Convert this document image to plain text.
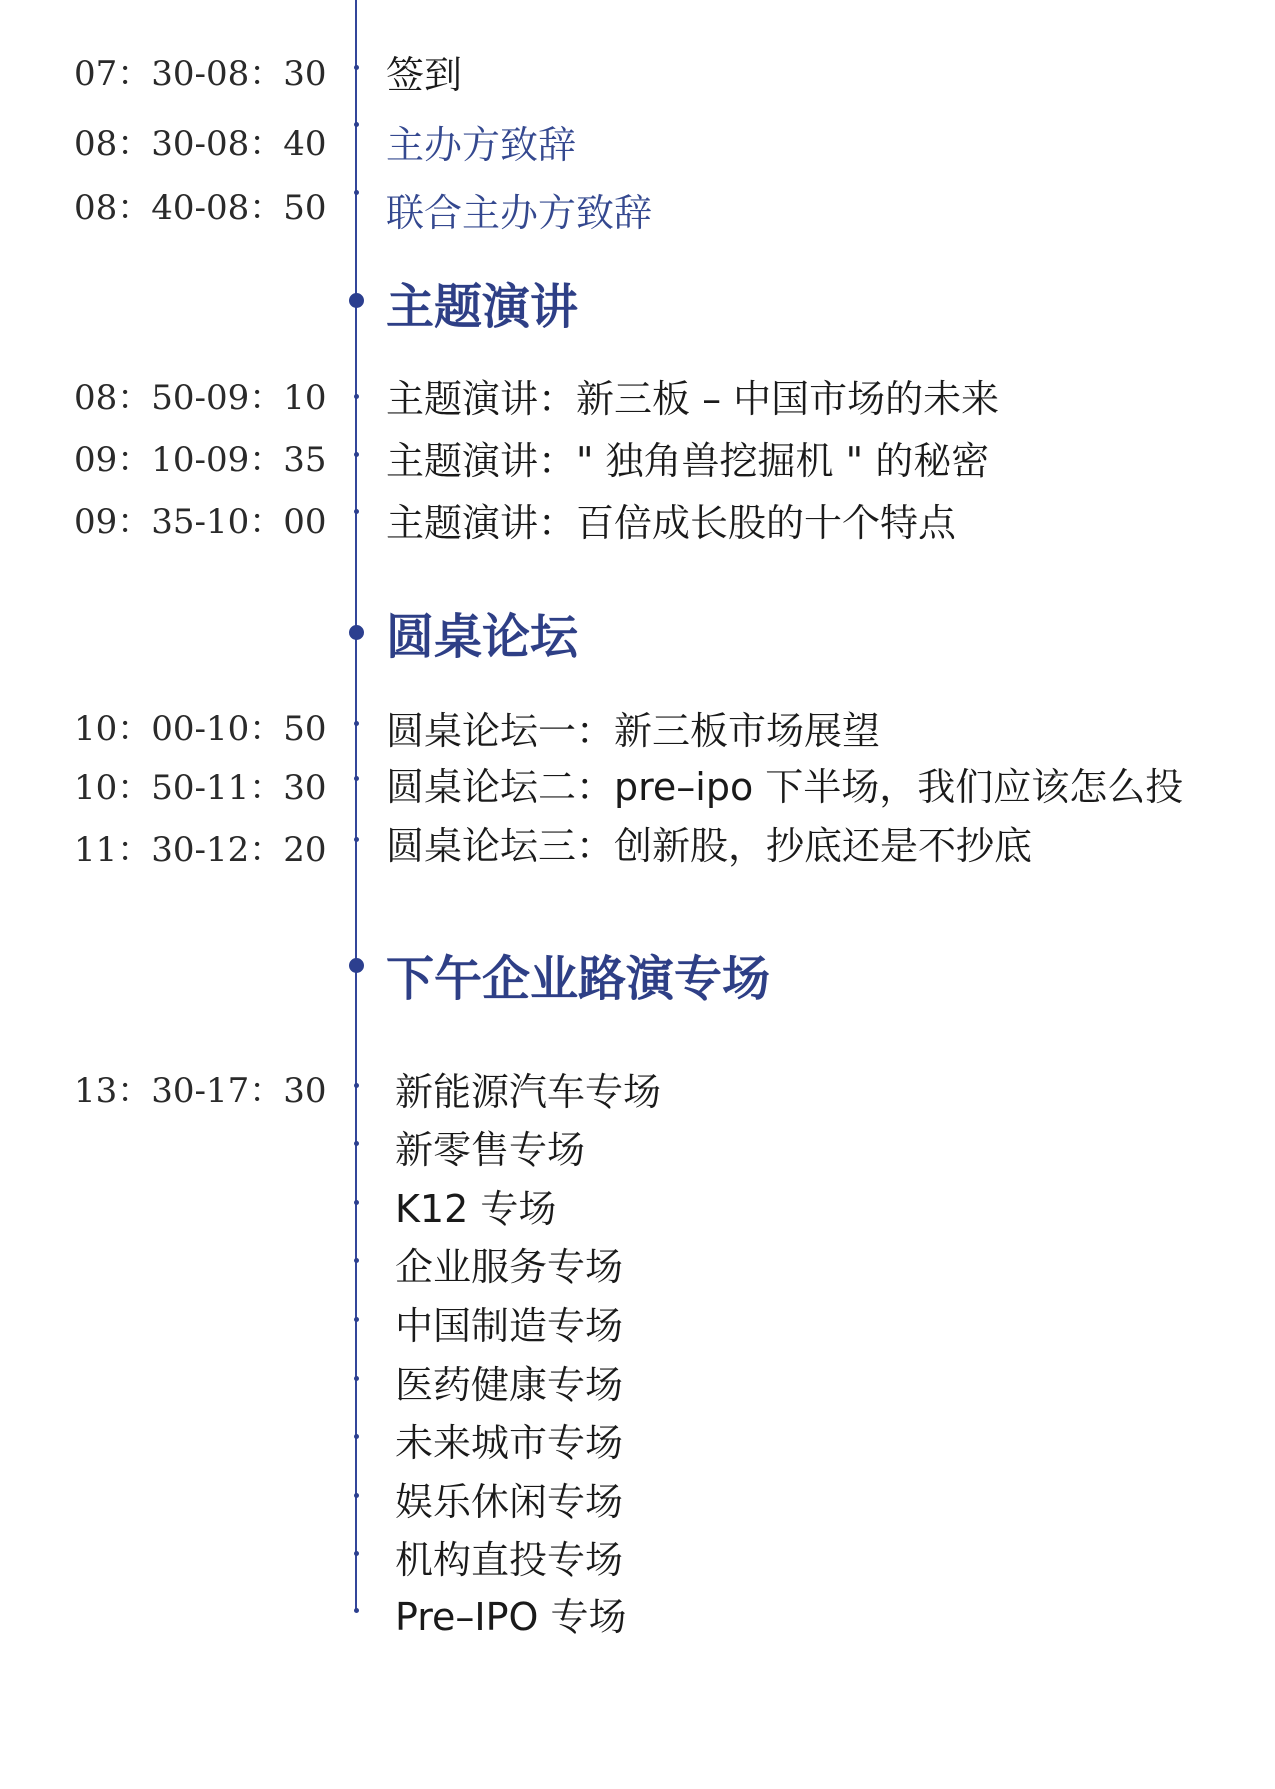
07：30-08：30 签到
08：30-08：40 主办方致辞
08：40-08：50 联合主办方致辞
主题演讲
08：50-09：10 主题演讲：新三板 – 中国市场的未来
09：10-09：35 主题演讲：" 独角兽挖掘机 " 的秘密
09：35-10：00 主题演讲：百倍成长股的十个特点
圆桌论坛
10：00-10：50 圆桌论坛一：新三板市场展望
10：50-11：30 圆桌论坛二：pre–ipo 下半场，我们应该怎么投
11：30-12：20 圆桌论坛三：创新股，抄底还是不抄底
下午企业路演专场
13：30-17：30 新能源汽车专场
新零售专场
K12 专场
企业服务专场
中国制造专场
医药健康专场
未来城市专场
娱乐休闲专场
机构直投专场
Pre–IPO 专场
